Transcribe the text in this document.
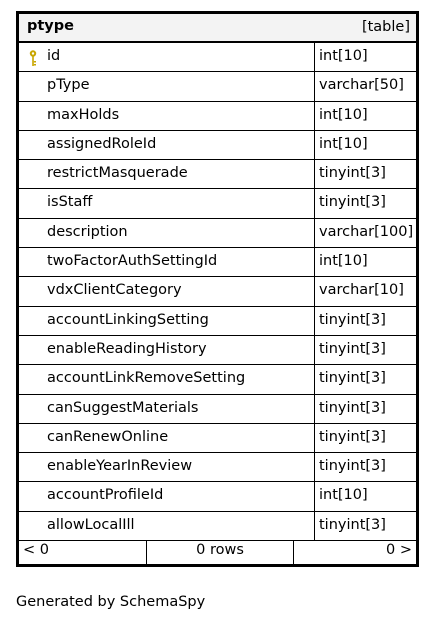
ptype	[table]
id	int[10]
pType	varchar[50]
maxHolds	int[10]
assignedRoleId	int[10]
restrictMasquerade	tinyint[3]
isStaff	tinyint[3]
description	varchar[100]
twoFactorAuthSettingId	int[10]
vdxClientCategory	varchar[10]
accountLinkingSetting	tinyint[3]
enableReadingHistory	tinyint[3]
accountLinkRemoveSetting	tinyint[3]
canSuggestMaterials	tinyint[3]
canRenewOnline	tinyint[3]
enableYearInReview	tinyint[3]
accountProfileId	int[10]
allowLocalIll	tinyint[3]
< 0	0 rows	0 >
Generated by SchemaSpy
